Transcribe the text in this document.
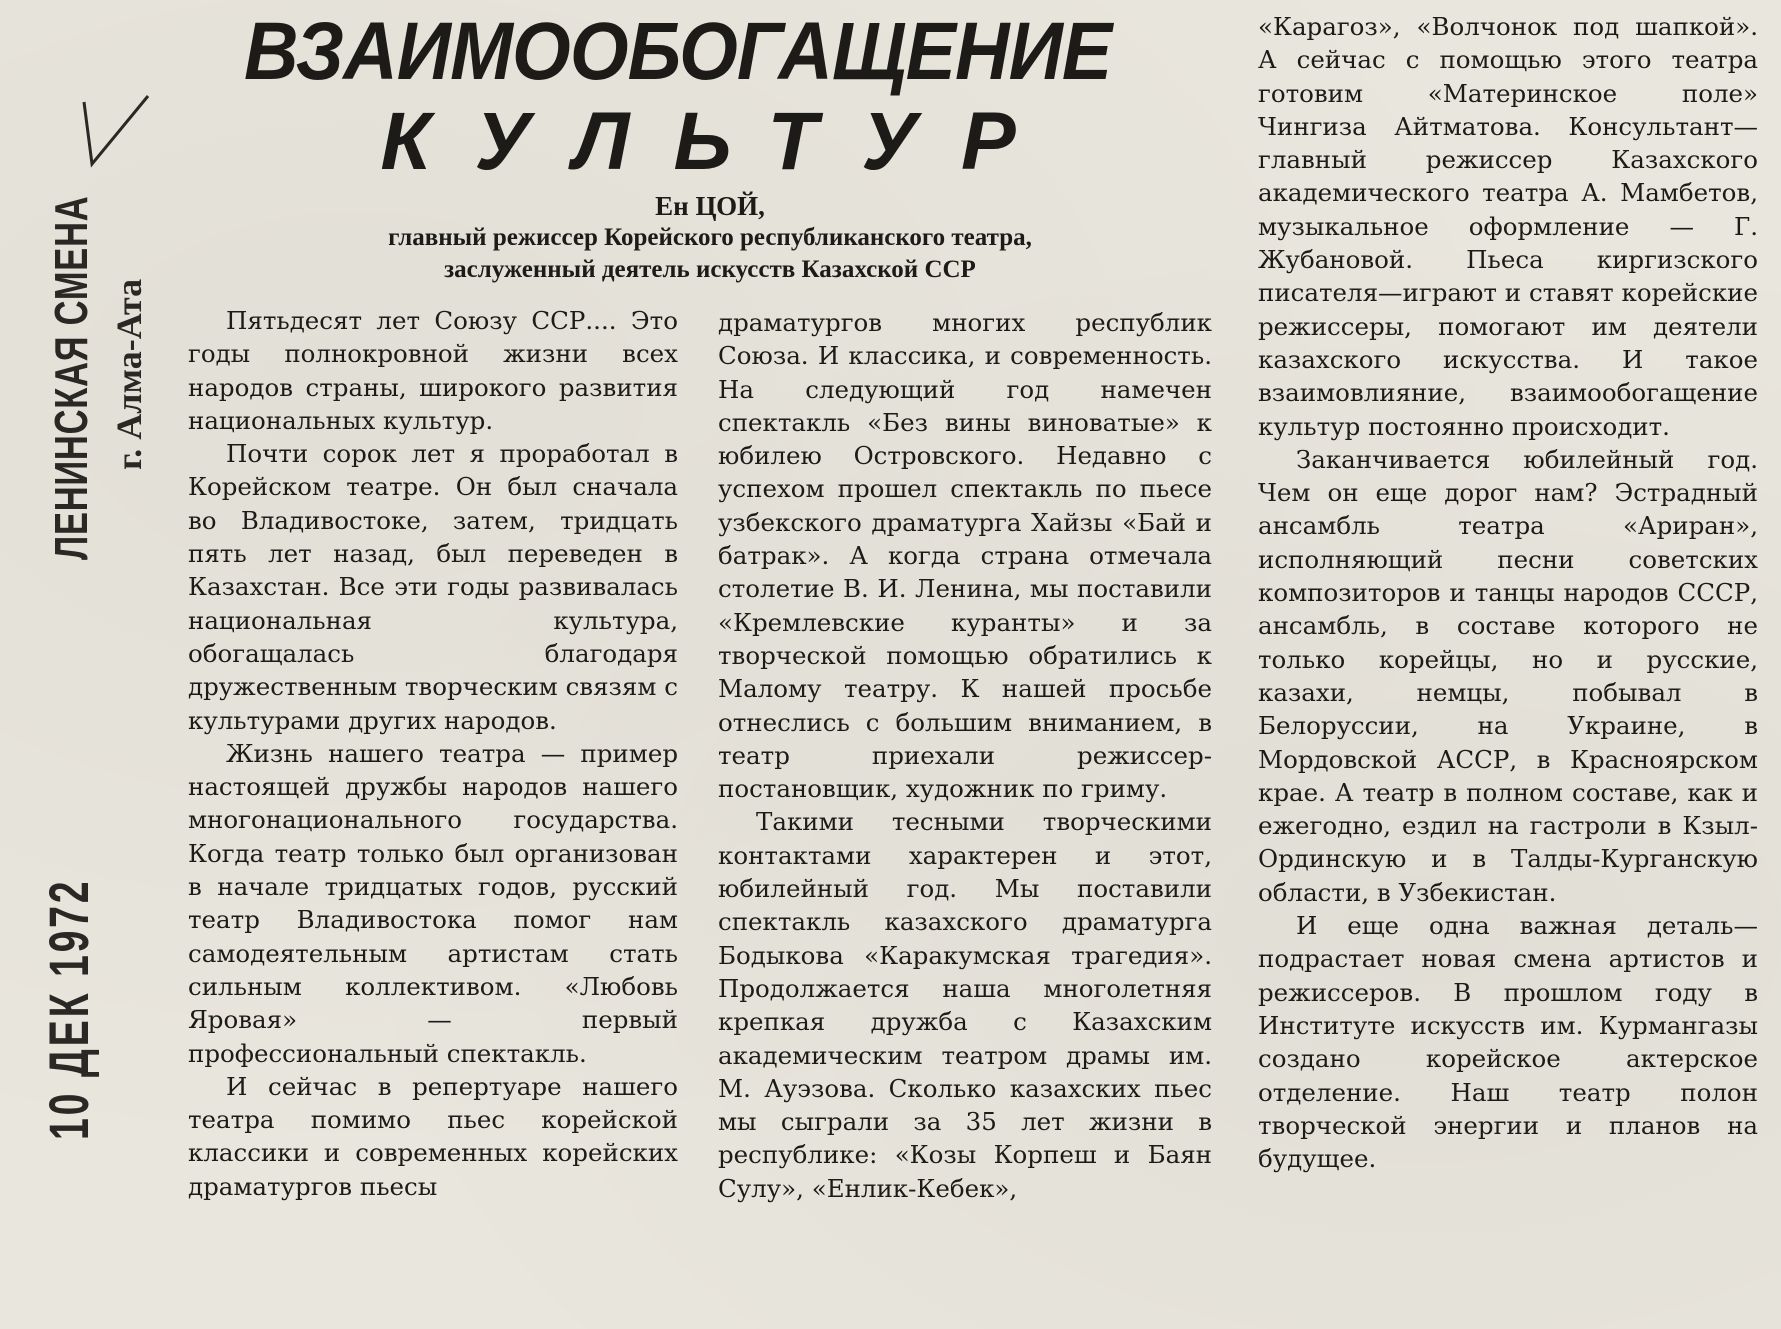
ЛЕНИНСКАЯ СМЕНА г. Алма-Ата
10 ДЕК 1972
ВЗАИМООБОГАЩЕНИЕ
КУЛЬТУР
Ен ЦОЙ,
главный режиссер Корейского республиканского театра,
заслуженный деятель искусств Казахской ССР

Пятьдесят лет Союзу ССР.... Это годы полнокровной жизни всех народов страны, широкого развития национальных культур.

Почти сорок лет я проработал в Корейском театре. Он был сначала во Владивостоке, затем, тридцать пять лет назад, был переведен в Казахстан. Все эти годы развивалась национальная культура, обогащалась благодаря дружественным творческим связям с культурами других народов.

Жизнь нашего театра — пример настоящей дружбы народов нашего многонационального государства. Когда театр только был организован в начале тридцатых годов, русский театр Владивостока помог нам самодеятельным артистам стать сильным коллективом. «Любовь Яровая» — первый профессиональный спектакль.

И сейчас в репертуаре нашего театра помимо пьес корейской классики и современных корейских драматургов пьесы

драматургов многих республик Союза. И классика, и современность. На следующий год намечен спектакль «Без вины виноватые» к юбилею Островского. Недавно с успехом прошел спектакль по пьесе узбекского драматурга Хайзы «Бай и батрак». А когда страна отмечала столетие В. И. Ленина, мы поставили «Кремлевские куранты» и за творческой помощью обратились к Малому театру. К нашей просьбе отнеслись с большим вниманием, в театр приехали режиссер-постановщик, художник по гриму.

Такими тесными творческими контактами характерен и этот, юбилейный год. Мы поставили спектакль казахского драматурга Бодыкова «Каракумская трагедия». Продолжается наша многолетняя крепкая дружба с Казахским академическим театром драмы им. М. Ауэзова. Сколько казахских пьес мы сыграли за 35 лет жизни в республике: «Козы Корпеш и Баян Сулу», «Енлик-Кебек»,

«Карагоз», «Волчонок под шапкой». А сейчас с помощью этого театра готовим «Материнское поле» Чингиза Айтматова. Консультант—главный режиссер Казахского академического театра А. Мамбетов, музыкальное оформление — Г. Жубановой. Пьеса киргизского писателя—играют и ставят корейские режиссеры, помогают им деятели казахского искусства. И такое взаимовлияние, взаимообогащение культур постоянно происходит.

Заканчивается юбилейный год. Чем он еще дорог нам? Эстрадный ансамбль театра «Ариран», исполняющий песни советских композиторов и танцы народов СССР, ансамбль, в составе которого не только корейцы, но и русские, казахи, немцы, побывал в Белоруссии, на Украине, в Мордовской АССР, в Красноярском крае. А театр в полном составе, как и ежегодно, ездил на гастроли в Кзыл-Ординскую и в Талды-Курганскую области, в Узбекистан.

И еще одна важная деталь— подрастает новая смена артистов и режиссеров. В прошлом году в Институте искусств им. Курмангазы создано корейское актерское отделение. Наш театр полон творческой энергии и планов на будущее.
